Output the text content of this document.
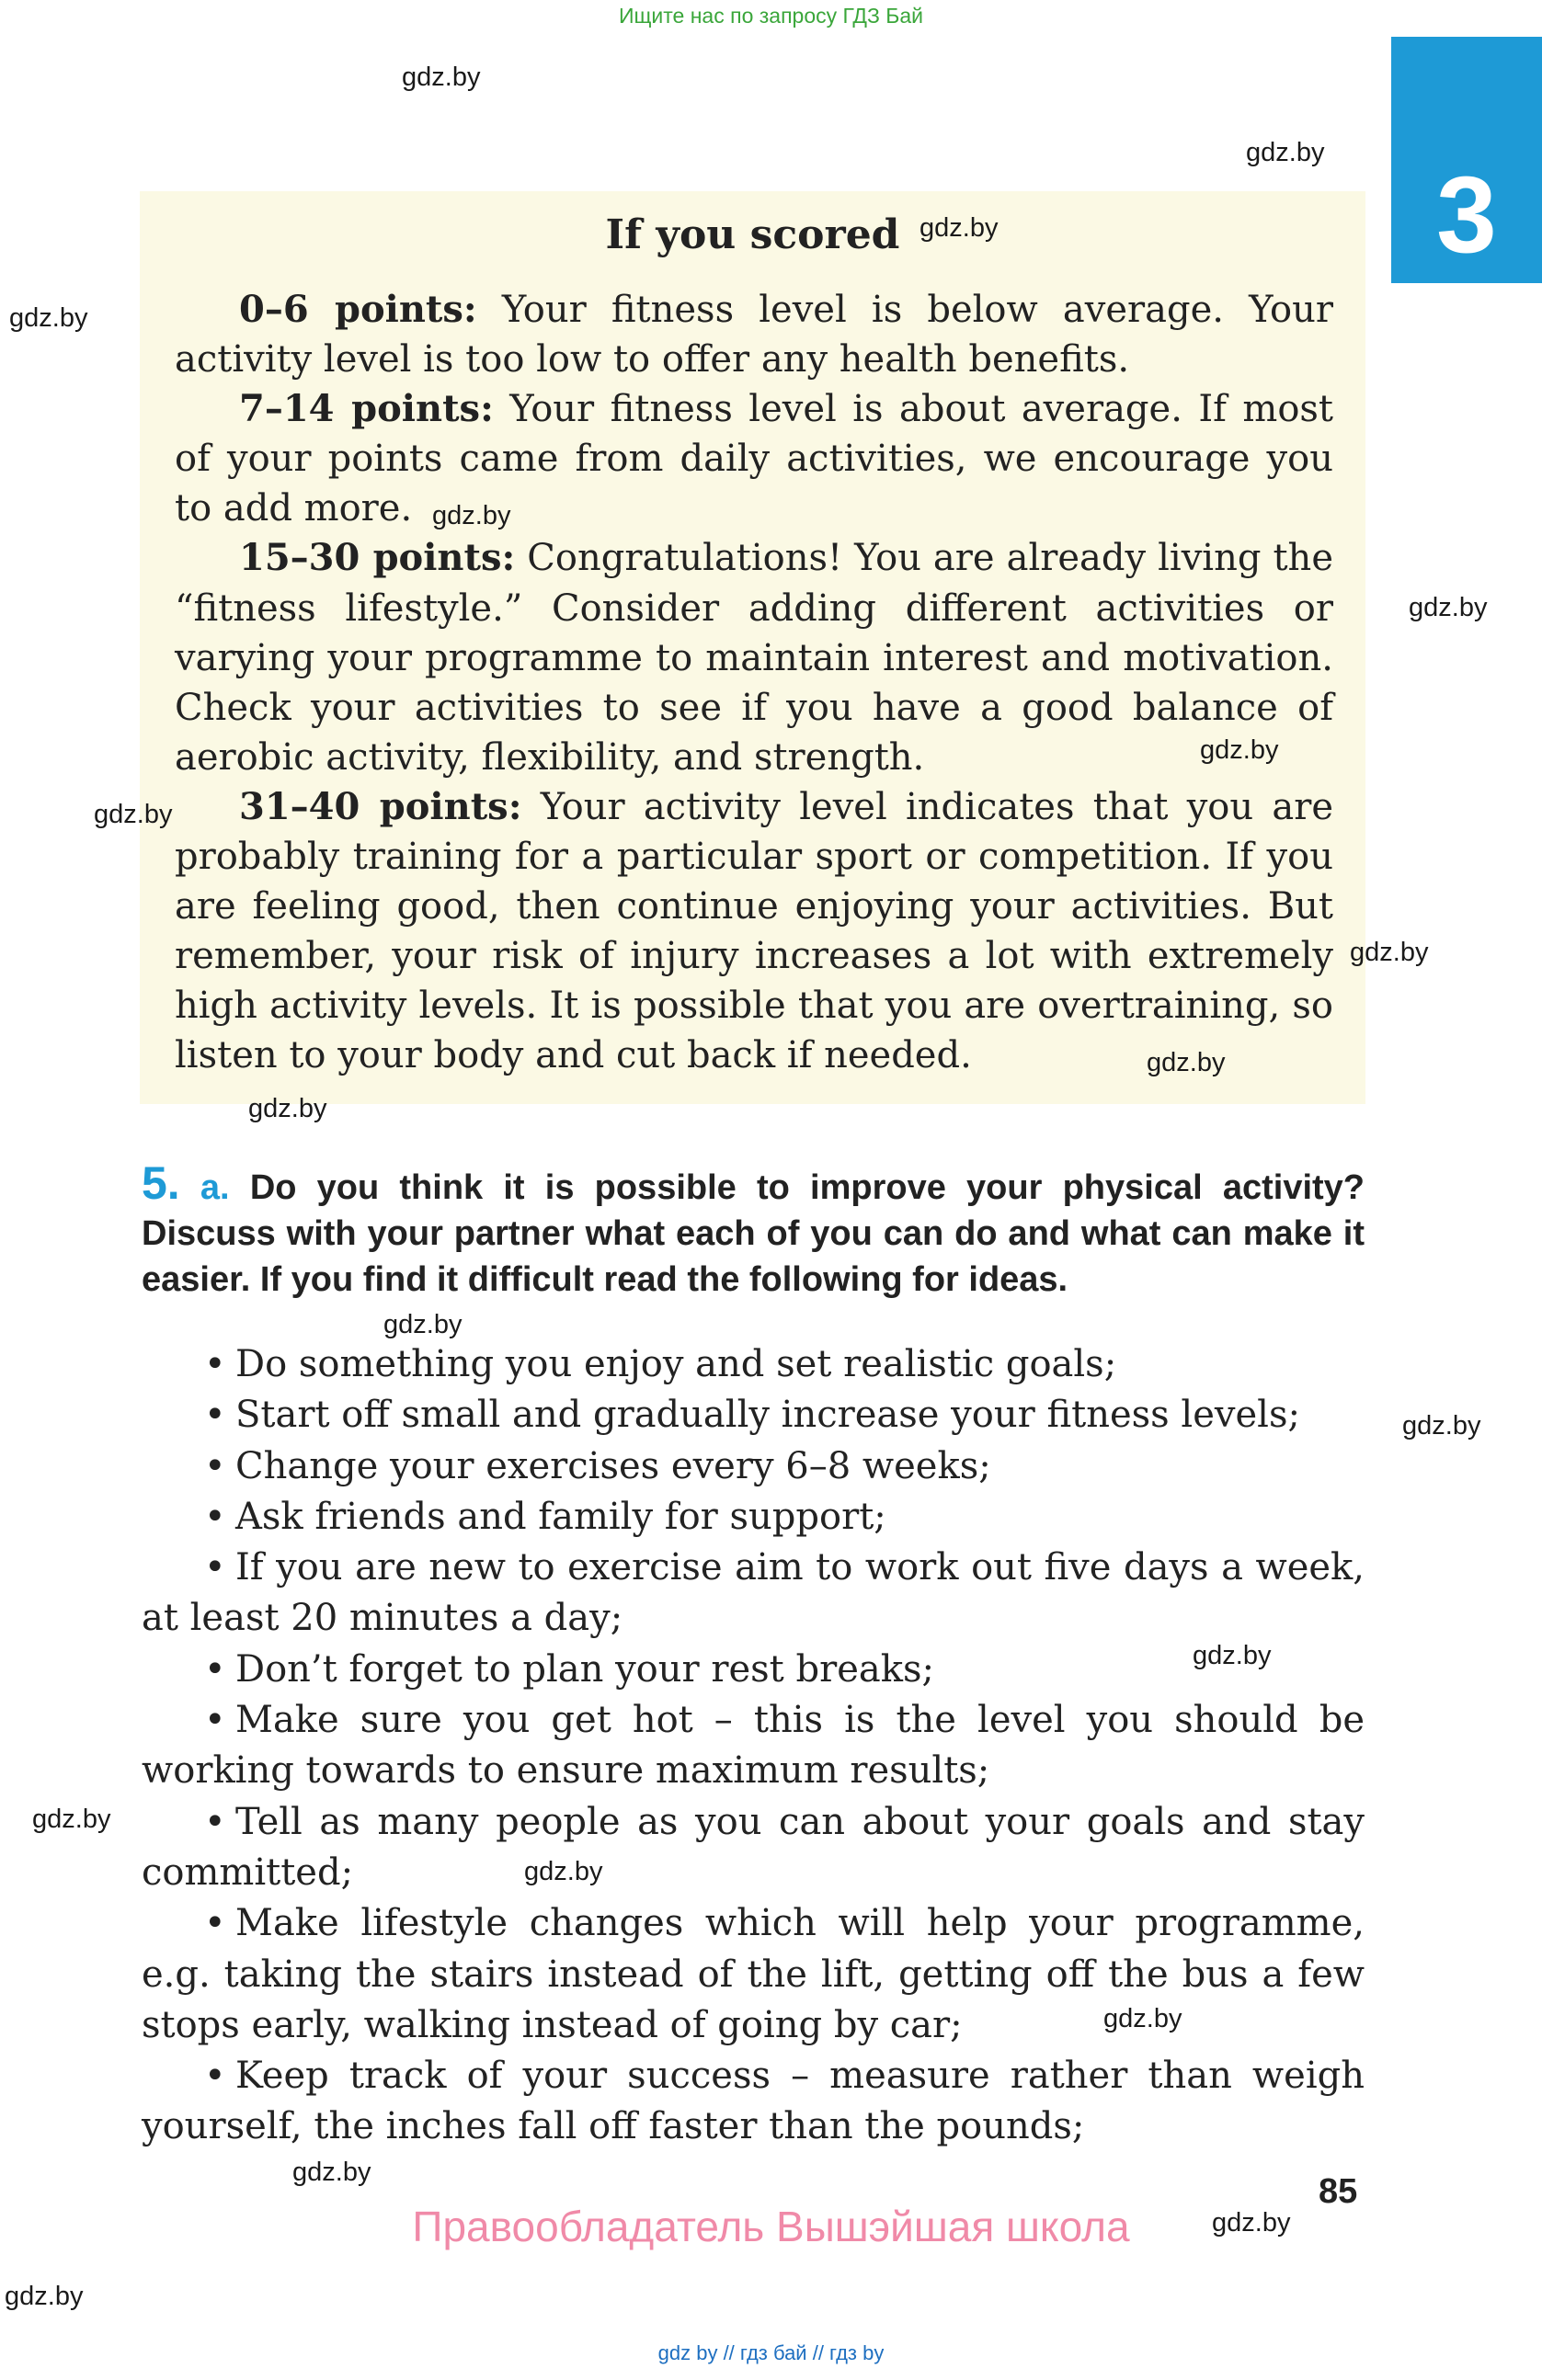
Ищите нас по запросу ГДЗ Бай
3
If you scored

0–6 points: Your fitness level is below average. Your activity level is too low to offer any health benefits.

7–14 points: Your fitness level is about average. If most of your points came from daily activities, we encourage you to add more.

15–30 points: Congratulations! You are already living the “fitness lifestyle.” Consider adding different activities or varying your programme to maintain interest and motivation. Check your activities to see if you have a good balance of aerobic activity, flexibility, and strength.

31–40 points: Your activity level indicates that you are probably training for a particular sport or competition. If you are feeling good, then continue enjoying your activities. But remember, your risk of injury increases a lot with extremely high activity levels. It is possible that you are overtraining, so listen to your body and cut back if needed.

5. a. Do you think it is possible to improve your physical activity? Discuss with your partner what each of you can do and what can make it easier. If you find it difficult read the following for ideas.

• Do something you enjoy and set realistic goals;

• Start off small and gradually increase your fitness levels;

• Change your exercises every 6–8 weeks;

• Ask friends and family for support;

• If you are new to exercise aim to work out five days a week, at least 20 minutes a day;

• Don’t forget to plan your rest breaks;

• Make sure you get hot – this is the level you should be working towards to ensure maximum results;

• Tell as many people as you can about your goals and stay committed;

• Make lifestyle changes which will help your programme, e.g. taking the stairs instead of the lift, getting off the bus a few stops early, walking instead of going by car;

• Keep track of your success – measure rather than weigh yourself, the inches fall off faster than the pounds;

85
Правообладатель Вышэйшая школа
gdz by // гдз бай // гдз by
gdz.by
gdz.by
gdz.by
gdz.by
gdz.by
gdz.by
gdz.by
gdz.by
gdz.by
gdz.by
gdz.by
gdz.by
gdz.by
gdz.by
gdz.by
gdz.by
gdz.by
gdz.by
gdz.by
gdz.by
